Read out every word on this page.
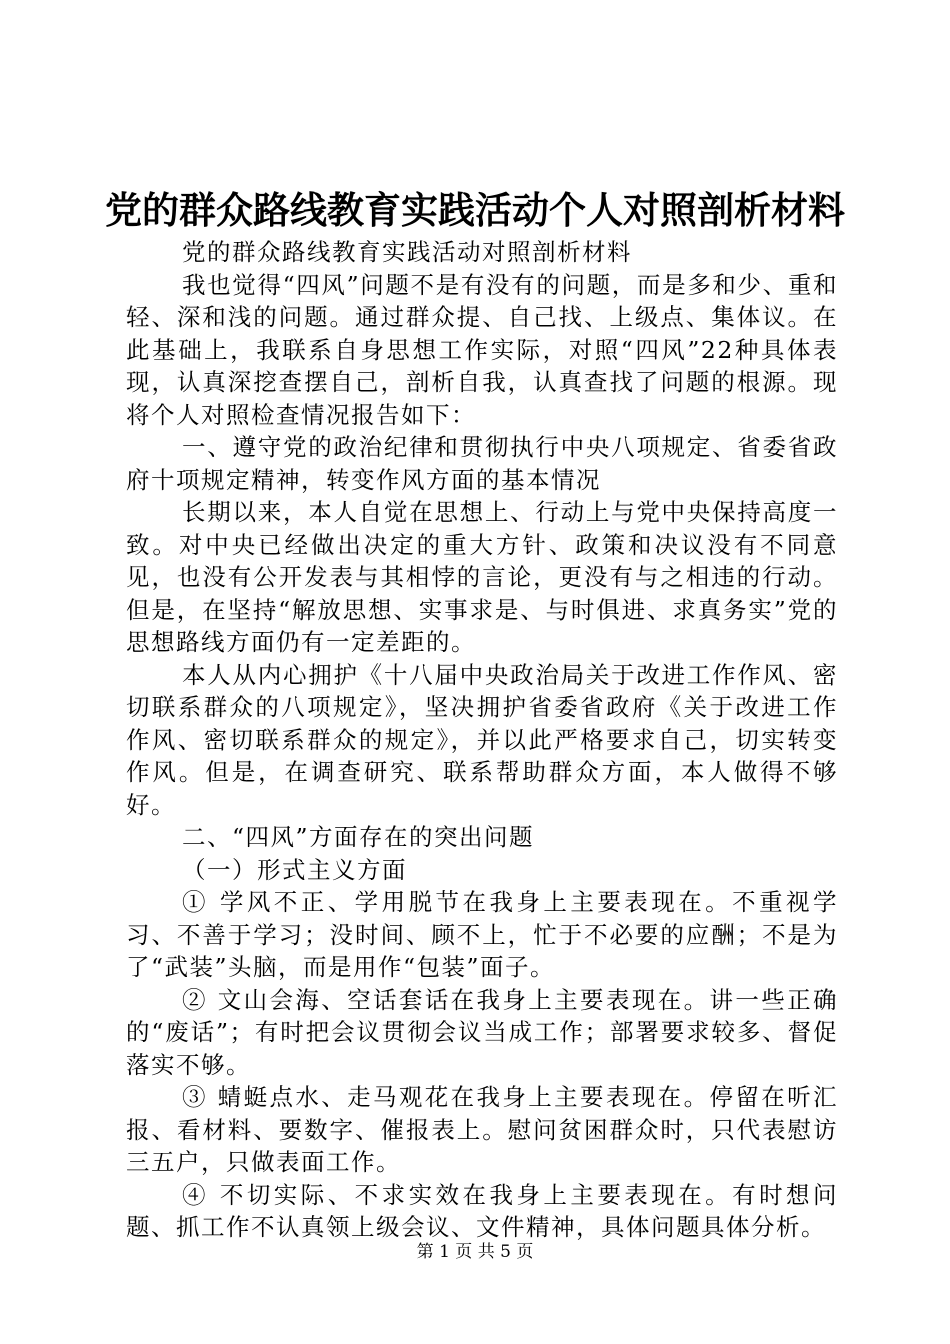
党的群众路线教育实践活动个人对照剖析材料

党的群众路线教育实践活动对照剖析材料

我也觉得“四风”问题不是有没有的问题，而是多和少、重和轻、深和浅的问题。通过群众提、自己找、上级点、集体议。在此基础上，我联系自身思想工作实际，对照“四风”22种具体表现，认真深挖查摆自己，剖析自我，认真查找了问题的根源。现将个人对照检查情况报告如下：

一、遵守党的政治纪律和贯彻执行中央八项规定、省委省政府十项规定精神，转变作风方面的基本情况

长期以来，本人自觉在思想上、行动上与党中央保持高度一致。对中央已经做出决定的重大方针、政策和决议没有不同意见，也没有公开发表与其相悖的言论，更没有与之相违的行动。但是，在坚持“解放思想、实事求是、与时俱进、求真务实”党的思想路线方面仍有一定差距的。

本人从内心拥护《十八届中央政治局关于改进工作作风、密切联系群众的八项规定》，坚决拥护省委省政府《关于改进工作作风、密切联系群众的规定》，并以此严格要求自己，切实转变作风。但是，在调查研究、联系帮助群众方面，本人做得不够好。

二、“四风”方面存在的突出问题

（一）形式主义方面

① 学风不正、学用脱节在我身上主要表现在。不重视学习、不善于学习；没时间、顾不上，忙于不必要的应酬；不是为了“武装”头脑，而是用作“包装”面子。

② 文山会海、空话套话在我身上主要表现在。讲一些正确的“废话”；有时把会议贯彻会议当成工作；部署要求较多、督促落实不够。

③ 蜻蜓点水、走马观花在我身上主要表现在。停留在听汇报、看材料、要数字、催报表上。慰问贫困群众时，只代表慰访三五户，只做表面工作。

④ 不切实际、不求实效在我身上主要表现在。有时想问题、抓工作不认真领上级会议、文件精神，具体问题具体分析。

第 1 页 共 5 页
